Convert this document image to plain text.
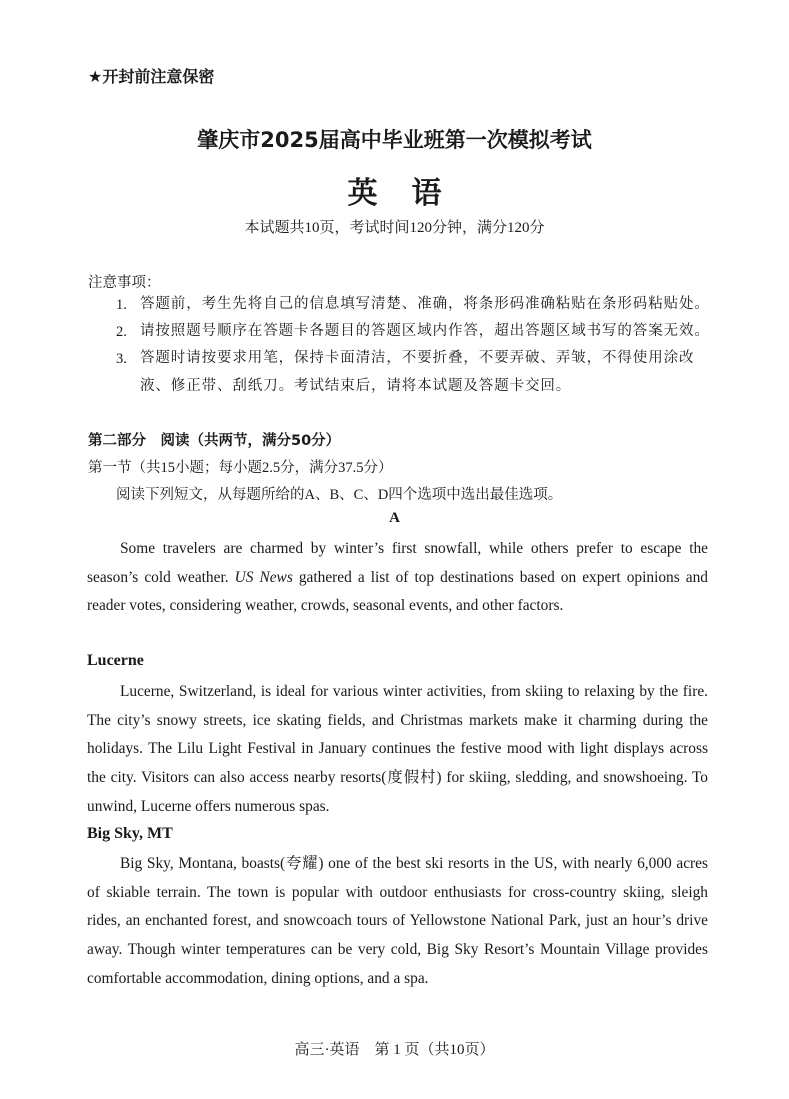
★开封前注意保密
肇庆市2025届高中毕业班第一次模拟考试
英语
本试题共10页，考试时间120分钟，满分120分
注意事项：
1. 答题前，考生先将自己的信息填写清楚、准确，将条形码准确粘贴在条形码粘贴处。
2. 请按照题号顺序在答题卡各题目的答题区域内作答，超出答题区域书写的答案无效。
3. 答题时请按要求用笔，保持卡面清洁，不要折叠，不要弄破、弄皱，不得使用涂改液、修正带、刮纸刀。考试结束后，请将本试题及答题卡交回。
第二部分　阅读（共两节，满分50分）
第一节（共15小题；每小题2.5分，满分37.5分）
阅读下列短文，从每题所给的A、B、C、D四个选项中选出最佳选项。
A
Some travelers are charmed by winter’s first snowfall, while others prefer to escape the season’s cold weather. US News gathered a list of top destinations based on expert opinions and reader votes, considering weather, crowds, seasonal events, and other factors.
Lucerne
Lucerne, Switzerland, is ideal for various winter activities, from skiing to relaxing by the fire. The city’s snowy streets, ice skating fields, and Christmas markets make it charming during the holidays. The Lilu Light Festival in January continues the festive mood with light displays across the city. Visitors can also access nearby resorts(度假村) for skiing, sledding, and snowshoeing. To unwind, Lucerne offers numerous spas.
Big Sky, MT
Big Sky, Montana, boasts(夸耀) one of the best ski resorts in the US, with nearly 6,000 acres of skiable terrain. The town is popular with outdoor enthusiasts for cross-country skiing, sleigh rides, an enchanted forest, and snowcoach tours of Yellowstone National Park, just an hour’s drive away. Though winter temperatures can be very cold, Big Sky Resort’s Mountain Village provides comfortable accommodation, dining options, and a spa.
高三·英语　第 1 页（共10页）
